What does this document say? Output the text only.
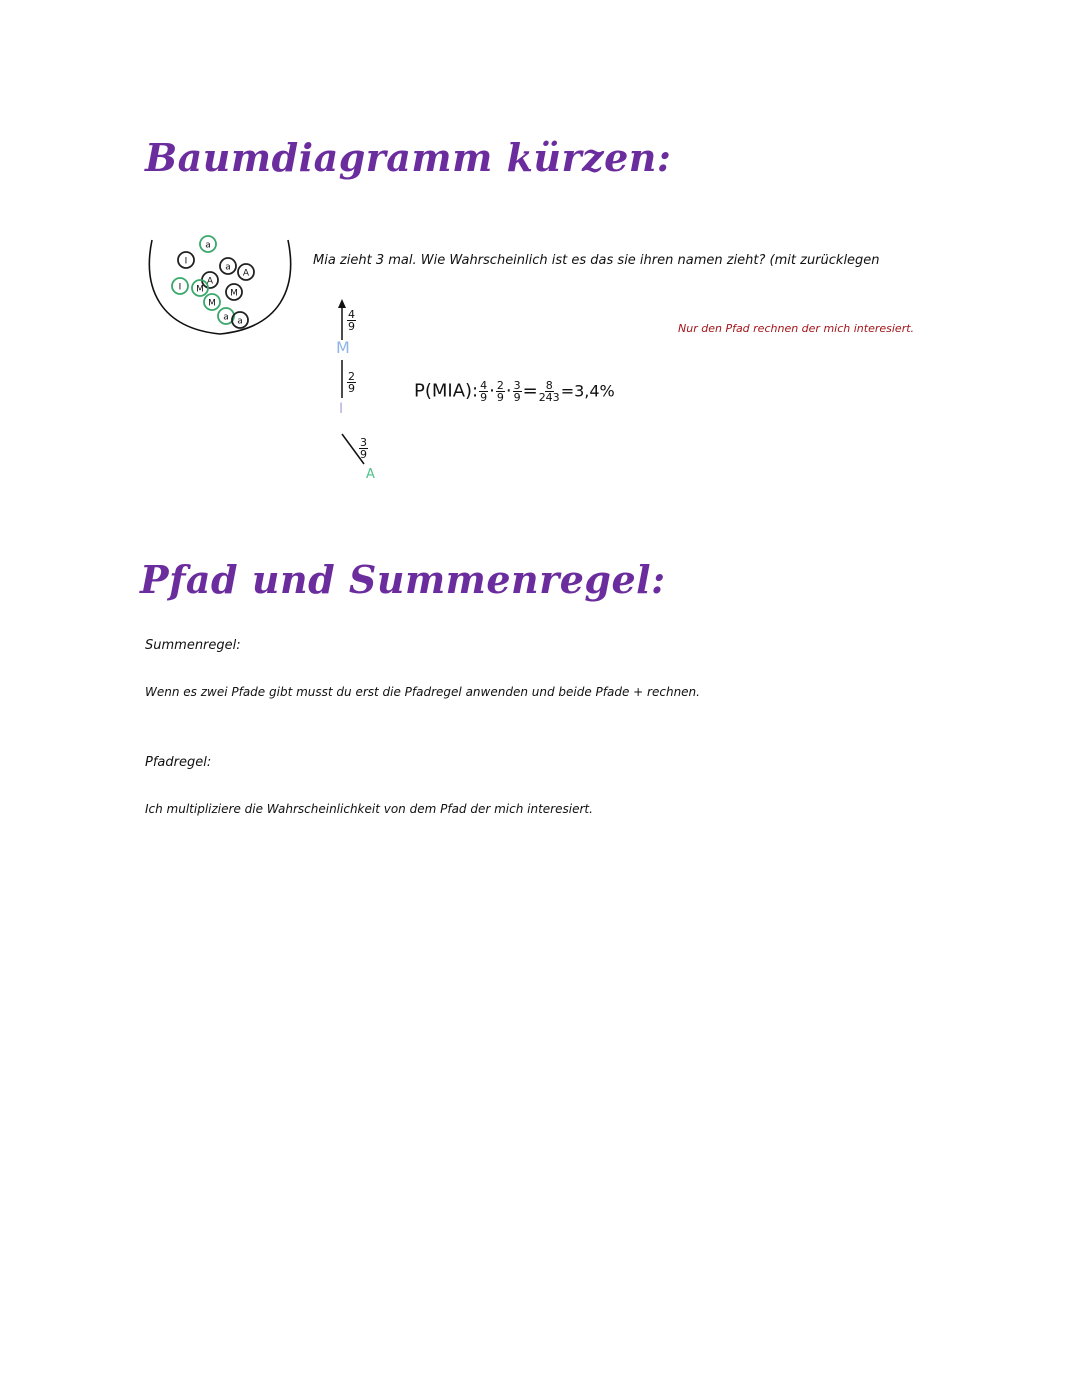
Baumdiagramm kürzen:
a
I
a
A
A
I M	M
M
a a
Mia zieht 3 mal. Wie Wahrscheinlich ist es das sie ihren namen zieht? (mit zurücklegen
Nur den Pfad rechnen der mich interesiert.
$\frac{4}{9}$
M
$\frac{2}{9}$
I
$\frac{3}{9}$
A
P(MIA): $\frac{4}{9} \cdot \frac{2}{9} \cdot \frac{3}{9} = \frac{8}{243} =3,4\%$
Pfad und Summenregel:
Summenregel:
Wenn es zwei Pfade gibt musst du erst die Pfadregel anwenden und beide Pfade + rechnen.
Pfadregel:
Ich multipliziere die Wahrscheinlichkeit von dem Pfad der mich interesiert.
